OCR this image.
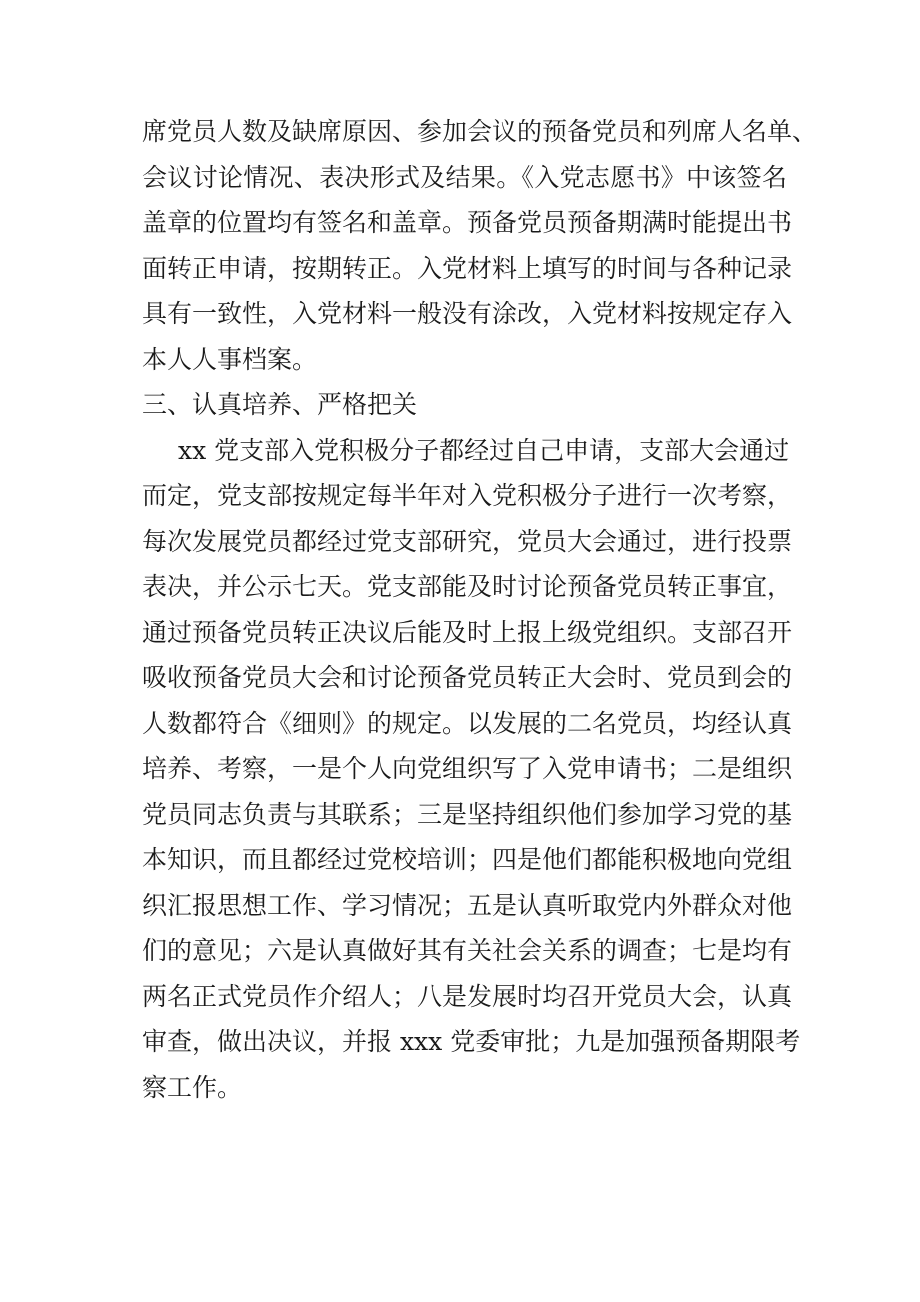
席党员人数及缺席原因、参加会议的预备党员和列席人名单、
会议讨论情况、表决形式及结果。《入党志愿书》中该签名
盖章的位置均有签名和盖章。预备党员预备期满时能提出书
面转正申请，按期转正。入党材料上填写的时间与各种记录
具有一致性，入党材料一般没有涂改，入党材料按规定存入
本人人事档案。
三、认真培养、严格把关
xx 党支部入党积极分子都经过自己申请，支部大会通过
而定，党支部按规定每半年对入党积极分子进行一次考察，
每次发展党员都经过党支部研究，党员大会通过，进行投票
表决，并公示七天。党支部能及时讨论预备党员转正事宜，
通过预备党员转正决议后能及时上报上级党组织。支部召开
吸收预备党员大会和讨论预备党员转正大会时、党员到会的
人数都符合《细则》的规定。以发展的二名党员，均经认真
培养、考察，一是个人向党组织写了入党申请书；二是组织
党员同志负责与其联系；三是坚持组织他们参加学习党的基
本知识，而且都经过党校培训；四是他们都能积极地向党组
织汇报思想工作、学习情况；五是认真听取党内外群众对他
们的意见；六是认真做好其有关社会关系的调查；七是均有
两名正式党员作介绍人；八是发展时均召开党员大会，认真
审查，做出决议，并报 xxx 党委审批；九是加强预备期限考
察工作。
